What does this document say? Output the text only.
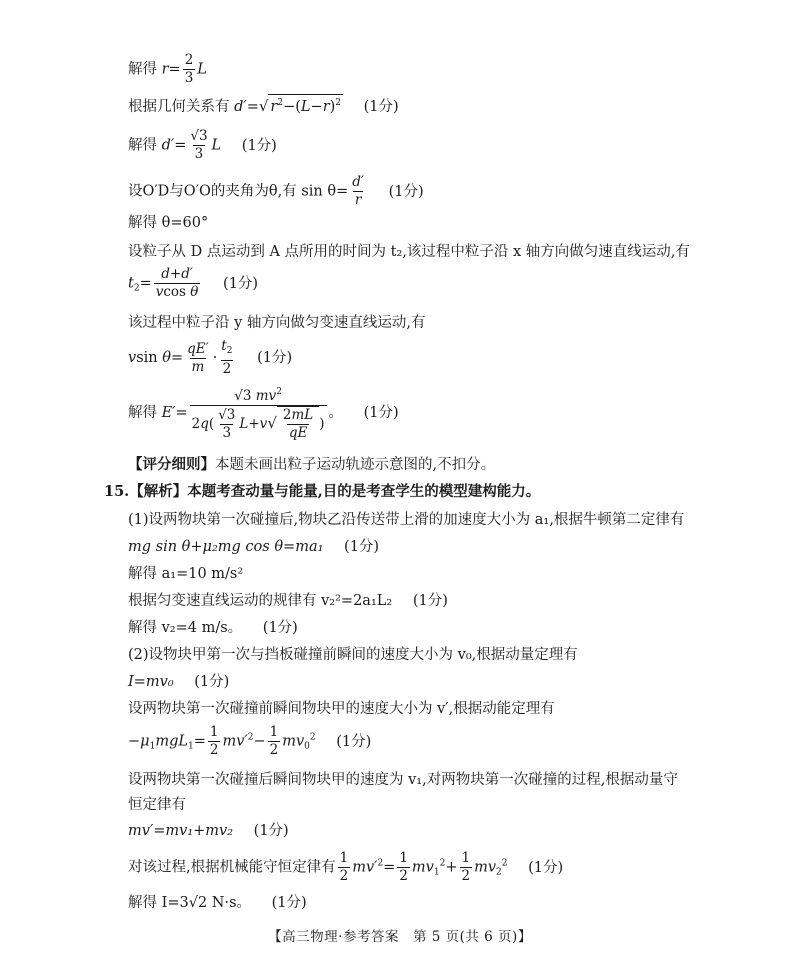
解得 $r= \frac{2}{3}$ L
根据几何关系有 d′=√ $r^2-(L-r)^2$ (1分)
解得 $d'= \frac{√3}{3}$ L (1分)
设O′D与O′O的夹角为θ,有 $\sin \theta= \frac{d'}{r} (1$分)
解得 θ=60°
设粒子从 D 点运动到 A 点所用的时间为 t₂,该过程中粒子沿 x 轴方向做匀速直线运动,有
$t_2= \frac{d+d'}{\text{vcos θ}} (1$分)
该过程中粒子沿 y 轴方向做匀变速直线运动,有
vsin $\theta= \frac{qE'}{m} \cdot \frac{t_2}{2} (1$分)
解得 $E'= \frac{√3 mv^2}{2q( \frac{√3}{3} L+v√ \frac{2mL}{qE} )}$ 。 (1分)
【评分细则】本题未画出粒子运动轨迹示意图的,不扣分。
15.【解析】本题考查动量与能量,目的是考查学生的模型建构能力。
(1)设两物块第一次碰撞后,物块乙沿传送带上滑的加速度大小为 a₁,根据牛顿第二定律有
mg sin θ+μ₂mg cos θ=ma₁ (1分)
解得 a₁=10 m/s²
根据匀变速直线运动的规律有 v₂²=2a₁L₂ (1分)
解得 v₂=4 m/s。 (1分)
(2)设物块甲第一次与挡板碰撞前瞬间的速度大小为 v₀,根据动量定理有
I=mv₀ (1分)
设两物块第一次碰撞前瞬间物块甲的速度大小为 v′,根据动能定理有
$-\mu_1mgL_1= \frac{1}{2} mv'^2- \frac{1}{2} mv_0^2$ (1分)
设两物块第一次碰撞后瞬间物块甲的速度为 v₁,对两物块第一次碰撞的过程,根据动量守
恒定律有
mv′=mv₁+mv₂ (1分)
对该过程,根据机械能守恒定律有 $\frac{1}{2} mv'^2= \frac{1}{2} mv_1^2+ \frac{1}{2} mv_2^2$ (1分)
解得 I=3√2 N·s。 (1分)
【高三物理·参考答案　第 5 页(共 6 页)】
